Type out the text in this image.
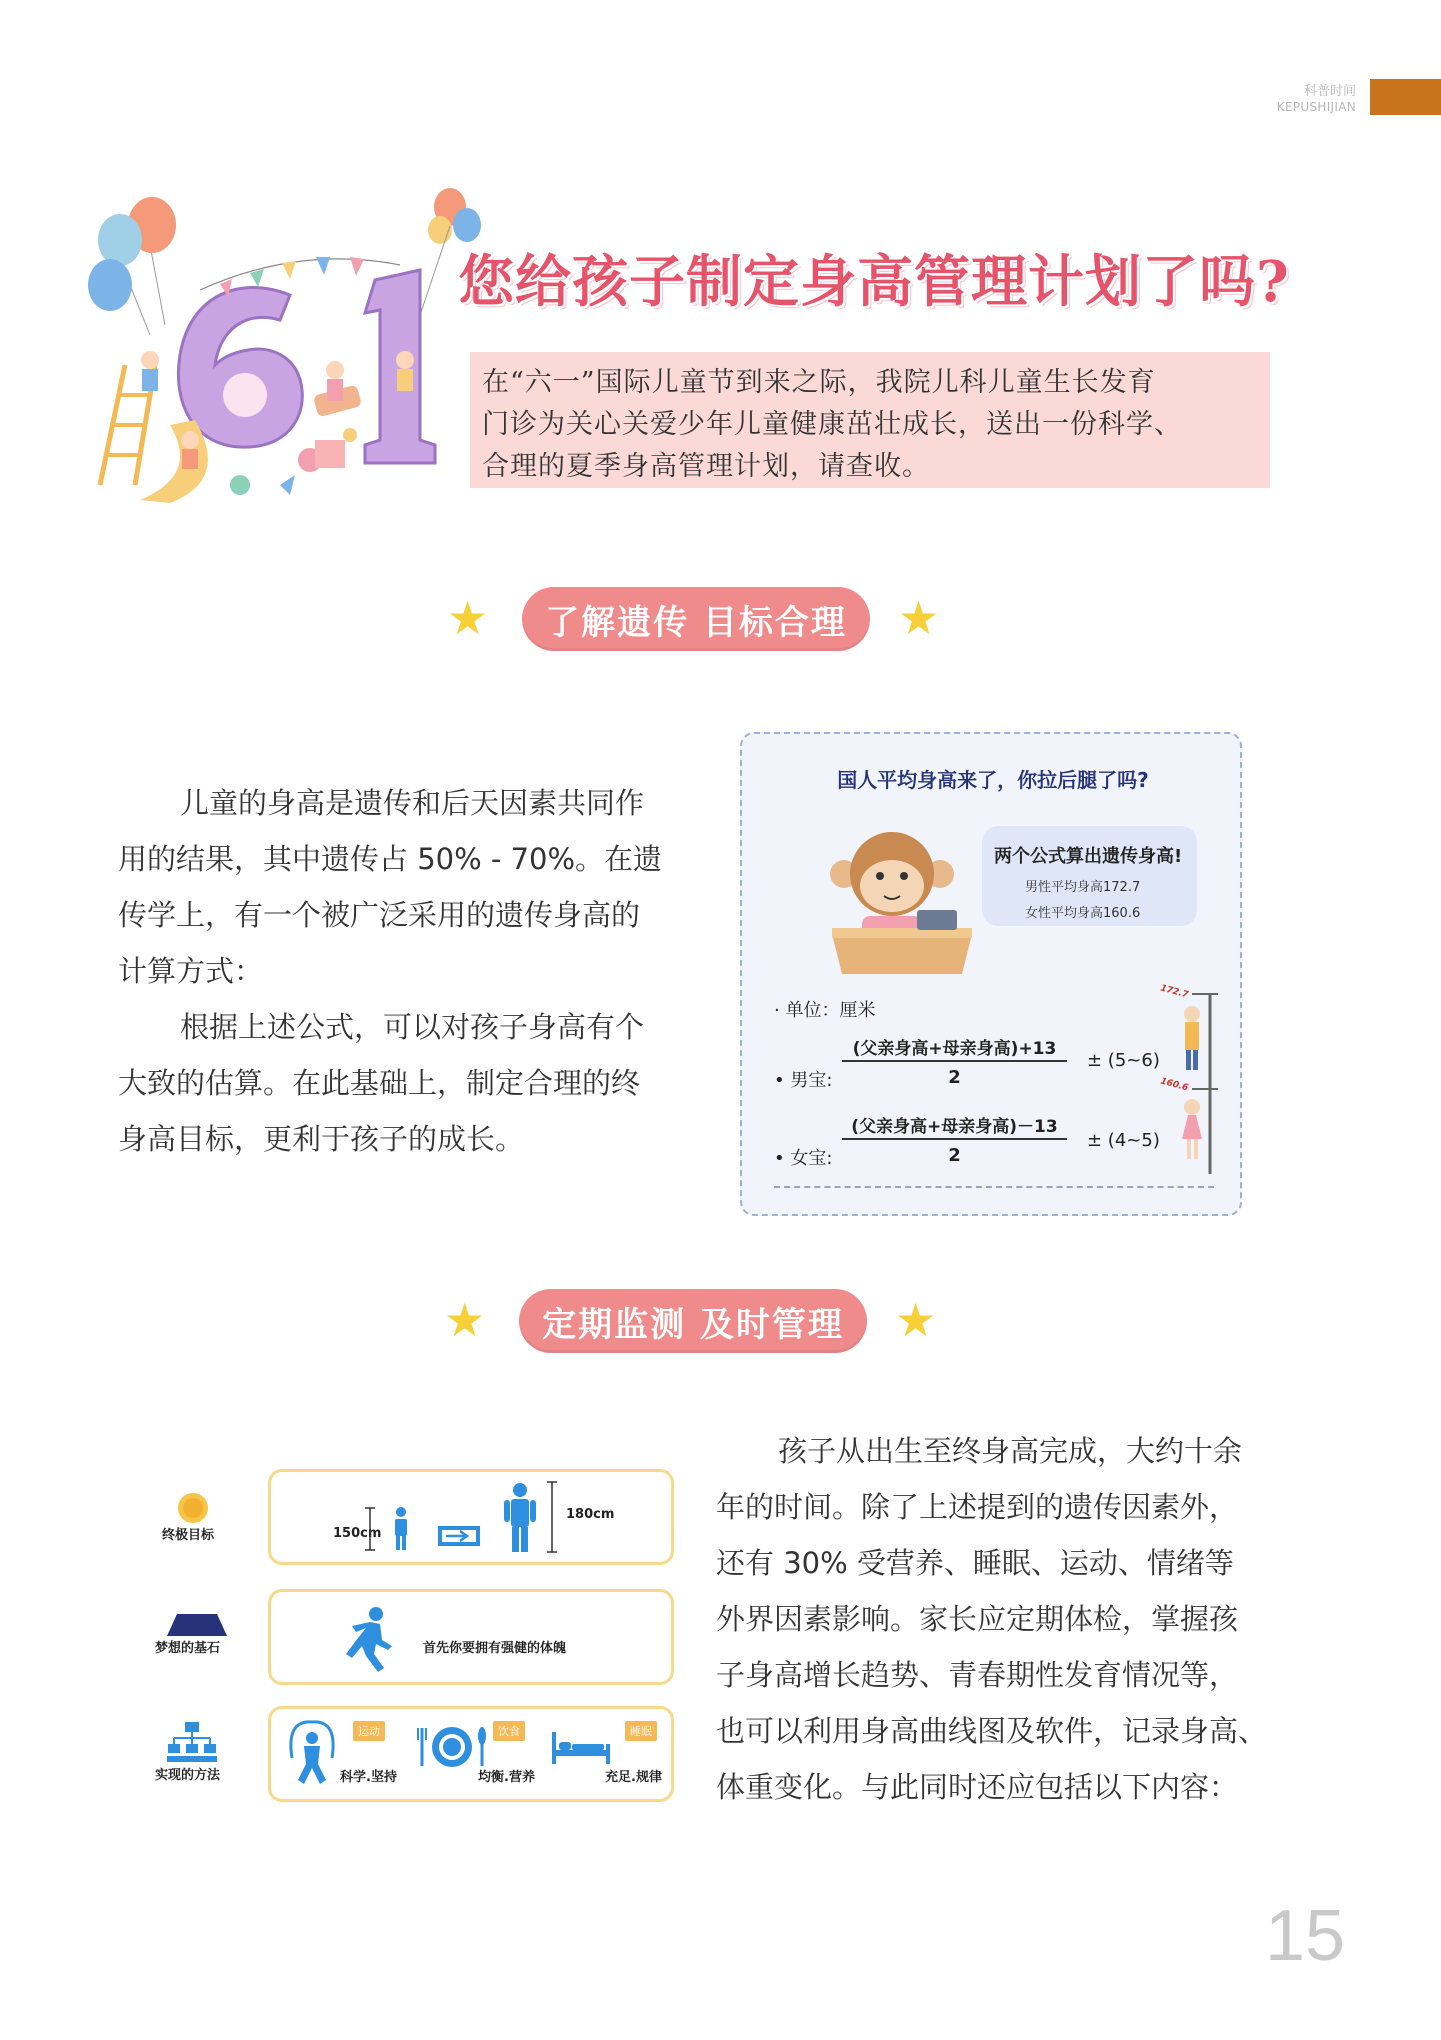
科普时间
KEPUSHIJIAN
您给孩子制定身高管理计划了吗?
在“六一”国际儿童节到来之际，我院儿科儿童生长发育
门诊为关心关爱少年儿童健康茁壮成长，送出一份科学、
合理的夏季身高管理计划，请查收。
★	了解遗传 目标合理	★

儿童的身高是遗传和后天因素共同作

用的结果，其中遗传占 50% - 70%。在遗

传学上，有一个被广泛采用的遗传身高的

计算方式：

根据上述公式，可以对孩子身高有个

大致的估算。在此基础上，制定合理的终

身高目标，更利于孩子的成长。

国人平均身高来了，你拉后腿了吗?
两个公式算出遗传身高!
男性平均身高172.7
女性平均身高160.6
· 单位：厘米
• 男宝:
(父亲身高+母亲身高)+13
2
± (5~6)
• 女宝:
(父亲身高+母亲身高)－13
2
± (4~5)
172.7
160.6
★	定期监测 及时管理	★
终极目标	150cm
180cm
梦想的基石	首先你要拥有强健的体魄
实现的方法
运动
科学.坚持
饮食
均衡.营养
睡眠
充足.规律

孩子从出生至终身高完成，大约十余

年的时间。除了上述提到的遗传因素外，

还有 30% 受营养、睡眠、运动、情绪等

外界因素影响。家长应定期体检，掌握孩

子身高增长趋势、青春期性发育情况等，

也可以利用身高曲线图及软件，记录身高、

体重变化。与此同时还应包括以下内容：

15
